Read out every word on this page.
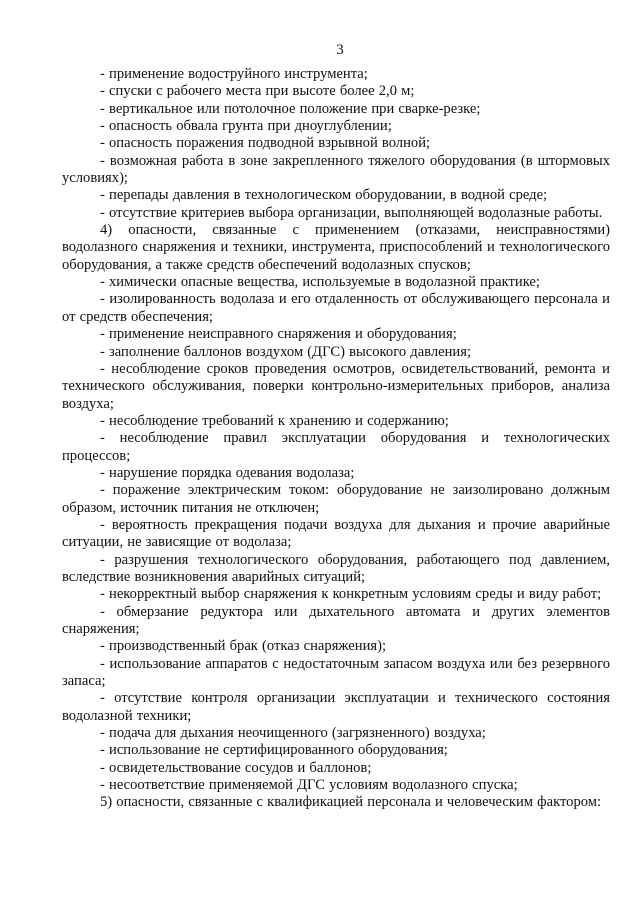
3

- применение водоструйного инструмента;

- спуски с рабочего места при высоте более 2,0 м;

- вертикальное или потолочное положение при сварке-резке;

- опасность обвала грунта при дноуглублении;

- опасность поражения подводной взрывной волной;

- возможная работа в зоне закрепленного тяжелого оборудования (в штормовых условиях);

- перепады давления в технологическом оборудовании, в водной среде;

- отсутствие критериев выбора организации, выполняющей водолазные работы.

4) опасности, связанные с применением (отказами, неисправностями) водолазного снаряжения и техники, инструмента, приспособлений и технологического оборудования, а также средств обеспечений водолазных спусков;

- химически опасные вещества, используемые в водолазной практике;

- изолированность водолаза и его отдаленность от обслуживающего персонала и от средств обеспечения;

- применение неисправного снаряжения и оборудования;

- заполнение баллонов воздухом (ДГС) высокого давления;

- несоблюдение сроков проведения осмотров, освидетельствований, ремонта и технического обслуживания, поверки контрольно-измерительных приборов, анализа воздуха;

- несоблюдение требований к хранению и содержанию;

- несоблюдение правил эксплуатации оборудования и технологических процессов;

- нарушение порядка одевания водолаза;

- поражение электрическим током: оборудование не заизолировано должным образом, источник питания не отключен;

- вероятность прекращения подачи воздуха для дыхания и прочие аварийные ситуации, не зависящие от водолаза;

- разрушения технологического оборудования, работающего под давлением, вследствие возникновения аварийных ситуаций;

- некорректный выбор снаряжения к конкретным условиям среды и виду работ;

- обмерзание редуктора или дыхательного автомата и других элементов снаряжения;

- производственный брак (отказ снаряжения);

- использование аппаратов с недостаточным запасом воздуха или без резервного запаса;

- отсутствие контроля организации эксплуатации и технического состояния водолазной техники;

- подача для дыхания неочищенного (загрязненного) воздуха;

- использование не сертифицированного оборудования;

- освидетельствование сосудов и баллонов;

- несоответствие применяемой ДГС условиям водолазного спуска;

5) опасности, связанные с квалификацией персонала и человеческим фактором:
